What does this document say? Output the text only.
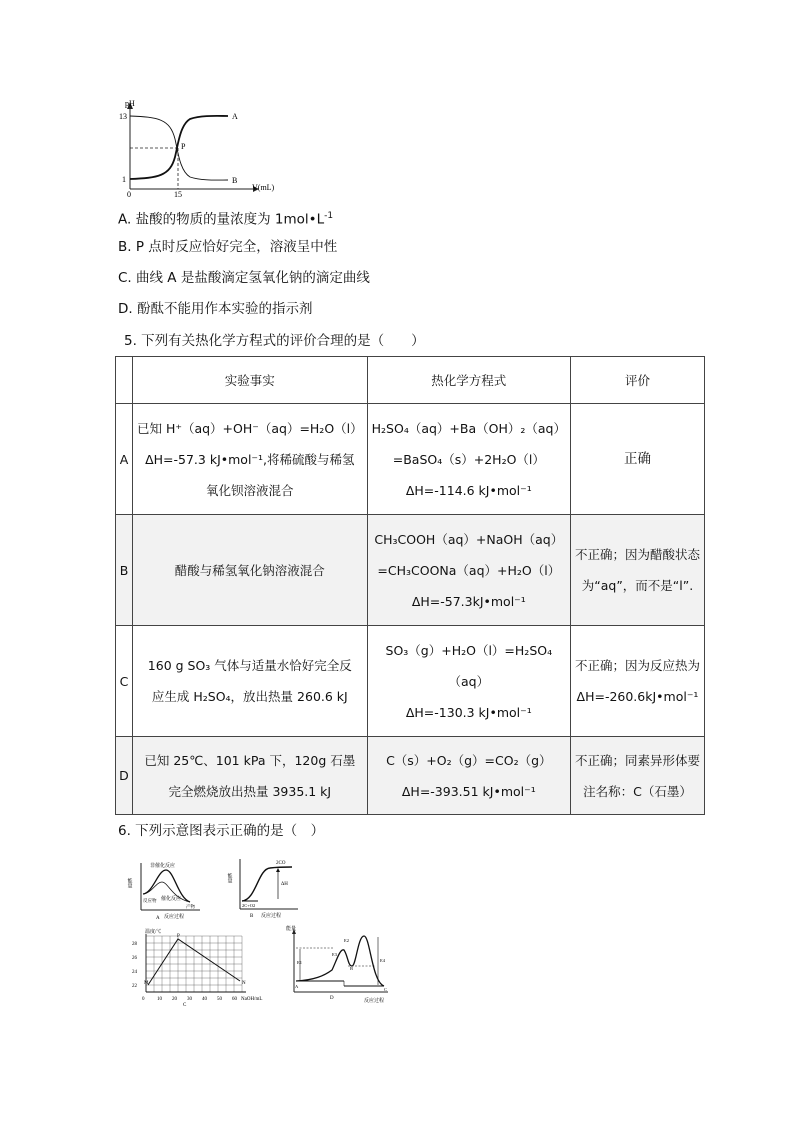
pH
13
1
0	15
V(mL)
P
A
B
A. 盐酸的物质的量浓度为 $1mol•L^{-1}$
B. P 点时反应恰好完全，溶液呈中性
C. 曲线 A 是盐酸滴定氢氧化钠的滴定曲线
D. 酚酞不能用作本实验的指示剂
5. 下列有关热化学方程式的评价合理的是（　　）
	实验事实	热化学方程式	评价
A	已知 H⁺（aq）+OH⁻（aq）=H₂O（l）
ΔH=-57.3 kJ•mol⁻¹,将稀硫酸与稀氢
氧化钡溶液混合	H₂SO₄（aq）+Ba（OH）₂（aq）
=BaSO₄（s）+2H₂O（l）
ΔH=-114.6 kJ•mol⁻¹	正确

B	醋酸与稀氢氧化钠溶液混合	CH₃COOH（aq）+NaOH（aq）
=CH₃COONa（aq）+H₂O（l）
ΔH=-57.3kJ•mol⁻¹	不正确；因为醋酸状态
为“aq”，而不是“l”.

C	160 g SO₃ 气体与适量水恰好完全反
应生成 H₂SO₄，放出热量 260.6 kJ	SO₃（g）+H₂O（l）=H₂SO₄
（aq）
ΔH=-130.3 kJ•mol⁻¹	不正确；因为反应热为
ΔH=-260.6kJ•mol⁻¹

D	已知 25℃、101 kPa 下，120g 石墨
完全燃烧放出热量 3935.1 kJ	C（s）+O₂（g）=CO₂（g）
ΔH=-393.51 kJ•mol⁻¹	不正确；同素异形体要
注名称：C（石墨）
6. 下列示意图表示正确的是（　）
能量
非催化反应
催化反应
反应物
产物
反应过程
A
能量
2CO
ΔH
2C+O2
B 反应过程
温度/℃
28
26
24
22
0	10 20 30 40 50 60 NaOH/mL
C
M
P
N
能量
E1
E2
E3
E4
A
B
C
D
反应过程
